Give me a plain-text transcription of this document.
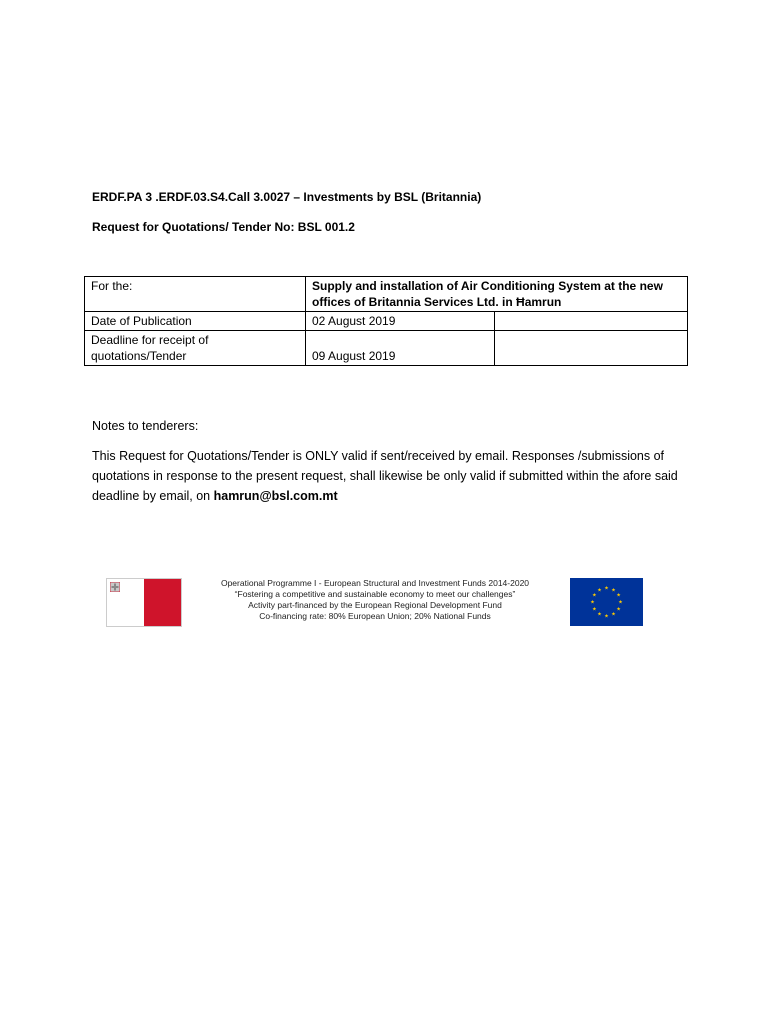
ERDF.PA 3 .ERDF.03.S4.Call 3.0027 – Investments by BSL (Britannia)
Request for Quotations/ Tender No: BSL 001.2
For the:	Supply and installation of Air Conditioning System at the new offices of Britannia Services Ltd. in Ħamrun	
Date of Publication	02 August 2019	
Deadline for receipt of quotations/Tender	09 August 2019	
Notes to tenderers:
This Request for Quotations/Tender is ONLY valid if sent/received by email. Responses /submissions of quotations in response to the present request, shall likewise be only valid if submitted within the afore said deadline by email, on hamrun@bsl.com.mt
Operational Programme I - European Structural and Investment Funds 2014-2020
“Fostering a competitive and sustainable economy to meet our challenges”
Activity part-financed by the European Regional Development Fund
Co-financing rate: 80% European Union; 20% National Funds
★ ★
★
★
★
★
★
★
★
★
★
★
